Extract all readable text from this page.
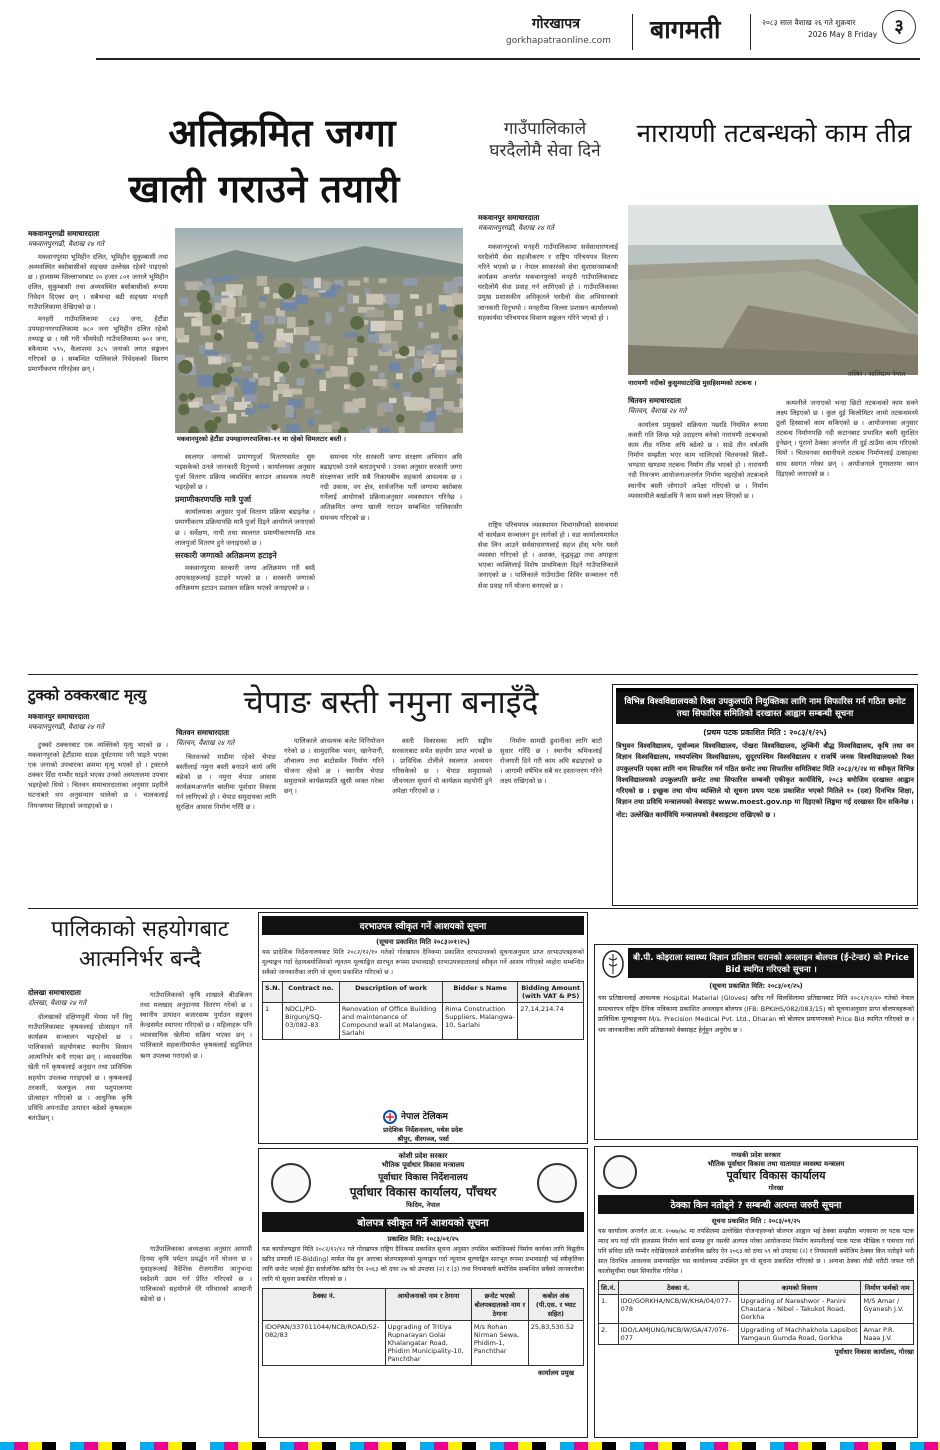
गोरखापत्र
gorkhapatraonline.com बागमती	२०८३ साल वैशाख २६ गते शुक्रबार
2026 May 8 Friday ३
अतिक्रमित जग्गा
खाली गराउने तयारी
मकवानपुरगढी समाचारदाता
मकवानपुरगढी, वैशाख २४ गते

मकवानपुरमा भूमिहीन दलित, भूमिहीन सुकुम्बासी तथा अव्यवस्थित बसोबासीको सङ्ख्या उल्लेख्य रहेको पाइएको छ । हालसम्म जिल्लाभरबाट २० हजार ८०१ जनाले भूमिहीन दलित, सुकुम्बासी तथा अव्यवस्थित बसोबासीको रूपमा निवेदन दिएका छन् । सबैभन्दा बढी सङ्ख्या मनहरी गाउँपालिकामा देखिएको छ ।

मनहरी गाउँपालिकामा ८४३ जना, हेटौंडा उपमहानगरपालिकामा ७८० जना भूमिहीन दलित रहेको तथ्याङ्क छ । यसै गरी भीमफेदी गाउँपालिकामा ७०२ जना, बकैयामा ५९५, कैलाशमा ३८५ जनाको लगत सङ्कलन गरिएको छ । सम्बन्धित पालिकाले निवेदकको विवरण प्रमाणीकरण गरिरहेका छन् ।

स्थलगत जग्गाको प्रमाणपुर्जा वितरणसमेत सुरु भइसकेको उनले जानकारी दिनुभयो । कार्यालयका अनुसार पुर्जा वितरण प्रक्रिया व्यवस्थित बनाउन आवश्यक तयारी भइरहेको छ ।

प्रमाणीकरणपछि मात्रै पुर्जा

कार्यालयका अनुसार पुर्जा वितरण प्रक्रिया बढाइनेछ । प्रमाणीकरण प्रक्रियापछि मात्रै पुर्जा दिइने आयोगले जनाएको छ । सर्वेक्षण, नापी तथा स्थलगत प्रमाणीकरणपछि मात्र लालपुर्जा वितरण हुने जनाइएको छ ।

सरकारी जग्गाको अतिक्रमण हटाइने

मकवानपुरमा सरकारी जग्गा अतिक्रमण गरी बस्दै आएकाहरूलाई हटाइने भएको छ । सरकारी जग्गाको अतिक्रमण हटाउन प्रशासन सक्रिय भएको जनाइएको छ ।

समन्वय गरेर सरकारी जग्गा संरक्षण अभियान अघि बढाइएको उनले बताउनुभयो । उनका अनुसार सरकारी जग्गा संरक्षणका लागि सबै निकायबीच सहकार्य आवश्यक छ । नदी उकास, वन क्षेत्र, सार्वजनिक पर्ती जग्गामा बसोबास गर्नेलाई आयोगको प्रक्रियाअनुसार व्यवस्थापन गरिनेछ । अतिक्रमित जग्गा खाली गराउन सम्बन्धित पालिकासँग समन्वय गरिएको छ ।

मकवानपुरको हेटौंडा उपमहानगरपालिका–११ मा रहेको सिमलटार बस्ती ।
गाउँपालिकाले घरदैलोमै सेवा दिने
मकवानपुर समाचारदाता
मकवानपुरगढी, वैशाख २४ गते

मकवानपुरको मनहरी गाउँपालिकामा सर्वसाधारणलाई घरदैलोमै सेवा सहजीकरण र राष्ट्रिय परिचयपत्र वितरण गरिने भएको छ । नेपाल सरकारको सेवा सुशासनसम्बन्धी कार्यक्रम अन्तर्गत मकवानपुरको मनहरी गाउँपालिकाबाट घरदैलोमै सेवा प्रवाह गर्न लागिएको हो । गाउँपालिकाका प्रमुख प्रशासकीय अधिकृतले घरदैलो सेवा अभियानबारे जानकारी दिनुभयो । मनहरीमा जिल्ला प्रशासन कार्यालयको सहकार्यमा परिचयपत्र विवरण सङ्कलन गरिने भएको हो ।

राष्ट्रिय परिचयपत्र व्यवस्थापन विभागसँगको समन्वयमा यो कार्यक्रम सञ्चालन हुन लागेको हो । वडा कार्यालयमार्फत सेवा लिन आउने सर्वसाधारणलाई सहज होस् भनेर यस्तो व्यवस्था गरिएको हो । अशक्त, वृद्धवृद्धा तथा अपाङ्गता भएका व्यक्तिलाई विशेष प्राथमिकता दिइने गाउँपालिकाले जनाएको छ । पालिकाले गाउँगाउँमा शिविर सञ्चालन गरी सेवा प्रवाह गर्ने योजना बनाएको छ ।

नारायणी तटबन्धको काम तीव्र
नारायणी नदीको कुसुमघाटदेखि मुसहिसम्मको तटबन्ध ।
तस्बिर : शालिग्राम नेपाल
चितवन समाचारदाता
चितवन, वैशाख २४ गते

कार्यालय प्रमुखको सक्रियता पछाडि नियमित रूपमा कसरी गति लिन्छ भन्ने उदाहरण बनेको नारायणी तटबन्धको काम तीव्र गतिमा अघि बढेको छ । साढे तीन वर्षअघि निर्माण सम्झौता भएर काम थालिएको चितवनको सिसौ–भण्डारा खण्डमा तटबन्ध निर्माण तीव्र भएको हो । नारायणी नदी नियन्त्रण आयोजनाअन्तर्गत निर्माण भइरहेको तटबन्धले स्थानीय बस्ती जोगाउने अपेक्षा गरिएको छ । निर्माण व्यवसायीले बर्खाअघि नै काम सक्ने लक्ष्य लिएको छ ।

कम्पनीले जनाएको भन्दा छिटो तटबन्धको काम सक्ने लक्ष्य लिइएको छ । कुल दुई किलोमिटर लामो तटबन्धमध्ये ठूलो हिस्साको काम सकिएको छ । आयोजनाका अनुसार तटबन्ध निर्माणपछि नदी कटानबाट प्रभावित बस्ती सुरक्षित हुनेछन् । पुरानो ठेक्का अन्तर्गत ती दुई ठाउँमा काम गरिएको थियो । चितवनका स्थानीयले तटबन्ध निर्माणलाई उत्साहका साथ स्वागत गरेका छन् । आयोजनाले गुणस्तरमा ध्यान दिइएको जनाएको छ ।

टुक्को ठक्करबाट मृत्यु
मकवानपुर समाचारदाता
मकवानपुरगढी, वैशाख २४ गते

टुक्को ठक्करबाट एक व्यक्तिको मृत्यु भएको छ । मकवानपुरको हेटौंडामा सडक दुर्घटनामा परी घाइते भएका एक जनाको उपचारका क्रममा मृत्यु भएको हो । ट्रक्टरले ठक्कर दिँदा गम्भीर घाइते भएका उनको अस्पतालमा उपचार भइरहेको थियो । चितवन समाचारदाताका अनुसार प्रहरीले घटनाबारे थप अनुसन्धान थालेको छ । चालकलाई नियन्त्रणमा लिइएको जनाइएको छ ।

चेपाङ बस्ती नमुना बनाइँदै
चितवन समाचारदाता
चितवन, वैशाख २४ गते

चितवनको माडीमा रहेको चेपाङ बस्तीलाई नमुना बस्ती बनाउने कार्य अघि बढेको छ । नमुना चेपाङ आवास कार्यक्रमअन्तर्गत बस्तीमा पूर्वाधार विकास गर्न लागिएको हो । चेपाङ समुदायका लागि सुरक्षित आवास निर्माण गरिँदै छ ।

पालिकाले आवश्यक बजेट विनियोजन गरेको छ । सामुदायिक भवन, खानेपानी, शौचालय तथा बाटोसमेत निर्माण गरिने योजना रहेको छ । स्थानीय चेपाङ समुदायले कार्यक्रमप्रति खुसी व्यक्त गरेका छन् ।

बस्ती विकासका लागि सङ्घीय सरकारबाट समेत सहयोग प्राप्त भएको छ । प्राविधिक टोलीले स्थलगत अध्ययन गरिसकेको छ । चेपाङ समुदायको जीवनस्तर सुधार्न यो कार्यक्रम सहयोगी हुने अपेक्षा गरिएको छ ।

निर्माण सामग्री ढुवानीका लागि बाटो सुधार गरिँदै छ । स्थानीय श्रमिकलाई रोजगारी दिने गरी काम अघि बढाइएको छ । आगामी वर्षभित्र सबै घर हस्तान्तरण गरिने लक्ष्य राखिएको छ ।

विभिन्न विश्वविद्यालयको रिक्त उपकुलपति नियुक्तिका लागि नाम सिफारिस गर्न गठित छनोट तथा सिफारिस समितिको दरखास्त आह्वान सम्बन्धी सूचना
(प्रथम पटक प्रकाशित मिति : २०८३/१/२५)
त्रिभुवन विश्वविद्यालय, पूर्वाञ्चल विश्वविद्यालय, पोखरा विश्वविद्यालय, लुम्बिनी बौद्ध विश्वविद्यालय, कृषि तथा वन विज्ञान विश्वविद्यालय, मध्यपश्चिम विश्वविद्यालय, सुदूरपश्चिम विश्वविद्यालय र राजर्षि जनक विश्वविद्यालयको रिक्त उपकुलपति पदका लागि नाम सिफारिस गर्न गठित छनोट तथा सिफारिस समितिबाट मिति २०८३/१/२४ मा स्वीकृत विभिन्न विश्वविद्यालयको उपकुलपति छनोट तथा सिफारिस सम्बन्धी एकीकृत कार्यविधि, २०८३ बमोजिम दरखास्त आह्वान गरिएको छ । इच्छुक तथा योग्य व्यक्तिले यो सूचना प्रथम पटक प्रकाशित भएको मितिले १० (दश) दिनभित्र शिक्षा, विज्ञान तथा प्रविधि मन्त्रालयको वेबसाइट www.moest.gov.np मा दिइएको लिङ्कमा गई दरखास्त दिन सकिनेछ ।
नोट: उल्लेखित कार्यविधि मन्त्रालयको वेबसाइटमा राखिएको छ ।
पालिकाको सहयोगबाट
आत्मनिर्भर बन्दै
दोलखा समाचारदाता
दोलखा, वैशाख २४ गते

दोलखाको दक्षिणपूर्वी भेगमा पर्ने विगु गाउँपालिकाबाट कृषकलाई प्रोत्साहन गर्ने कार्यक्रम सञ्चालन भइरहेको छ । पालिकाको सहयोगबाट स्थानीय किसान आत्मनिर्भर बन्दै गएका छन् । व्यावसायिक खेती गर्ने कृषकलाई अनुदान तथा प्राविधिक सहयोग उपलब्ध गराइएको छ । कृषकलाई तरकारी, फलफूल तथा पशुपालनमा प्रोत्साहन गरिएको छ । आधुनिक कृषि प्रविधि अपनाउँदा उत्पादन बढेको कृषकहरू बताउँछन् ।

गाउँपालिकाको कृषि शाखाले बीउबिजन तथा मलखाद अनुदानमा वितरण गरेको छ । स्थानीय उत्पादन बजारसम्म पुर्याउन सङ्कलन केन्द्रसमेत स्थापना गरिएको छ । महिलाहरू पनि व्यावसायिक खेतीमा सक्रिय भएका छन् । पालिकाले सहकारीमार्फत कृषकलाई सहुलियत ऋण उपलब्ध गराएको छ ।

गाउँपालिकाका अध्यक्षका अनुसार आगामी दिनमा कृषि पर्यटन प्रवर्द्धन गर्ने योजना छ । युवाहरूलाई वैदेशिक रोजगारीमा जानुभन्दा स्वदेशमै उद्यम गर्न प्रेरित गरिएको छ । पालिकाको सहयोगले धेरै परिवारको आम्दानी बढेको छ ।

दरभाउपत्र स्वीकृत गर्ने आशयको सूचना
(सूचना प्रकाशित मिति २०८३।०१।२५)
यस प्रादेशिक निर्देशनालयबाट मिति २०८२/१२/१० गतेको गोरखापत्र दैनिकमा प्रकाशित दरभाउपत्रको सूचनाअनुसार प्राप्त दरभाउपत्रहरूको मूल्याङ्कन गर्दा देहायबमोजिमको न्यूनतम मूल्याङ्कित सारभूत रूपमा प्रभावग्राही दरभाउपत्रदातालाई स्वीकृत गर्ने आशय गरिएको व्यहोरा सम्बन्धित सबैको जानकारीका लागि यो सूचना प्रकाशित गरिएको छ ।
S.N.	Contract no.	Description of work	Bidder s Name	Bidding Amount (with VAT & PS)
1	NDCL/PD-Birgunj/SQ-03/082-83	Renovation of Office Building and maintenance of Compound wall at Malangwa, Sarlahi	Rima Construction Suppliers, Malangwa-10, Sarlahi	27,14,214.74
नेपाल टेलिकम
प्रादेशिक निर्देशनालय, मधेस प्रदेश
श्रीपुर, वीरगञ्ज, पर्सा
बी.पी. कोइराला स्वास्थ्य विज्ञान प्रतिष्ठान धरानको अनलाइन बोलपत्र (ई-टेन्डर) को Price Bid स्थगित गरिएको सूचना ।
(सूचना प्रकाशित मिति: २०८३/०१/२५)
यस प्रतिष्ठानलाई आवश्यक Hospital Material (Gloves) खरिद गर्ने सिलसिलामा प्रतिष्ठानबाट मिति २०८२/१२/२० गतेको नेपाल समाचारपत्र राष्ट्रिय दैनिक पत्रिकामा प्रकाशित अनलाइन बोलपत्र (IFB: BPKIHS/082/083/15) को सूचनाअनुसार प्राप्त बोलपत्रहरूको प्राविधिक मूल्याङ्कनमा M/s. Precision Medical Pvt. Ltd., Dharan को बोलपत्र प्रमाणपत्रको Price Bid स्थगित गरिएको छ । थप जानकारीका लागि प्रतिष्ठानको वेबसाइट हेर्नुहुन अनुरोध छ ।
कोशी प्रदेश सरकार
भौतिक पूर्वाधार विकास मन्त्रालय
पूर्वाधार विकास निर्देशनालय
पूर्वाधार विकास कार्यालय, पाँचथर
फिदिम, नेपाल
बोलपत्र स्वीकृत गर्ने आशयको सूचना
प्रकाशित मिति: २०८३/०१/२५
यस कार्यालयद्वारा मिति २०८२/१२/१२ गते गोरखापत्र राष्ट्रिय दैनिकमा प्रकाशित सूचना अनुसार तपसिल बमोजिमको निर्माण कार्यका लागि विद्युतीय खरिद प्रणाली (E-Bidding) मार्फत पेस हुन आएका बोलपत्रहरूको मूल्याङ्कन गर्दा न्यूनतम मूल्याङ्कित सारभूत रूपमा प्रभावग्राही भई स्वीकृतिका लागि छनोट भएको हुँदा सार्वजनिक खरिद ऐन २०६३ को दफा २७ को उपदफा (२) र (३) तथा नियमावली बमोजिम सम्बन्धित सबैको जानकारीका लागि यो सूचना प्रकाशित गरिएको छ ।
ठेक्का नं.	आयोजनाको नाम र ठेगाना	छनोट भएको बोलपत्रदाताको नाम र ठेगाना	कबोल अंक (पी.एस. र भ्याट सहित)
IDOPAN/337011044/NCB/ROAD/52-082/83	Upgrading of Tritiya Rupnarayan Golai Khalangatar Road, Phidim Municipality-10, Panchthar	M/s Rohan Nirman Sewa, Phidim-1, Panchthar	25,83,530.52
कार्यालय प्रमुख
गण्डकी प्रदेश सरकार
भौतिक पूर्वाधार विकास तथा यातायात व्यवस्था मन्त्रालय
पूर्वाधार विकास कार्यालय
गोरखा
ठेक्का किन नतोड्ने ? सम्बन्धी अत्यन्त जरुरी सूचना
सूचना प्रकाशित मिति : २०८३/०१/२५
यस कार्यालय अन्तर्गत आ.व. २०७७/७८ मा तपसिलमा उल्लेखित योजनाहरूको बोलपत्र आह्वान भई ठेक्का सम्झौता भएकामा तर पटक पटक म्याद थप गर्दा पनि हालसम्म निर्माण कार्य सम्पन्न हुन नसकी अलपत्र परेका आयोजनामा निर्माण कम्पनीलाई पटक पटक मौखिक र पत्राचार गर्दा पनि संविदा प्रति गम्भीर नदेखिएकाले सार्वजनिक खरिद ऐन २०६३ को दफा ५९ को उपदफा (२) र नियमावली बमोजिम ठेक्का किन नतोड्ने भनी सात दिनभित्र आवश्यक प्रमाणसहित यस कार्यालयमा उपस्थित हुन यो सूचना प्रकाशित गरिएको छ । अन्यथा ठेक्का तोडी धरौटी जफत गरी कालोसूचीमा राख्न सिफारिस गरिनेछ ।
सि.नं.	ठेक्का नं.	कामको विवरण	निर्माण फर्मको नाम
1.	IDO/GORKHA/NCB/W/KHA/04/077-078	Upgrading of Nareshwor - Panini Chautara - Nibel - Takukot Road, Gorkha	M/S Amar / Gyanesh J.V.
2.	IDO/LAMJUNG/NCB/W/GA/47/076-077	Upgrading of Machhakhola Lapsibot Yamgaun Gumda Road, Gorkha	Amar P.R. Naaa J.V.
पूर्वाधार विकास कार्यालय, गोरखा
